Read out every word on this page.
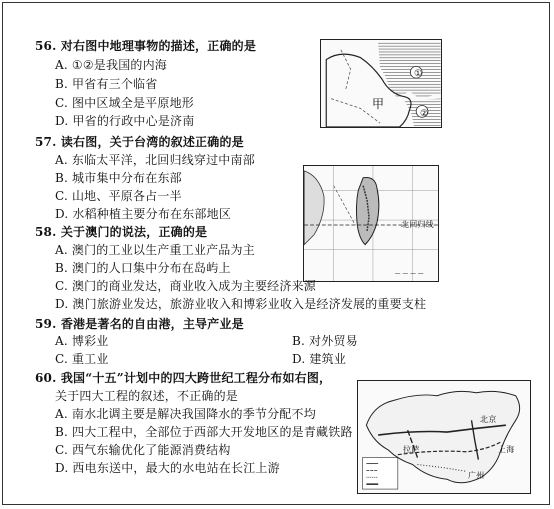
56. 对右图中地理事物的描述，正确的是
A. ①②是我国的内海
B. 甲省有三个临省
C. 图中区域全是平原地形
D. 甲省的行政中心是济南
甲
①
②
57. 读右图，关于台湾的叙述正确的是
A. 东临太平洋，北回归线穿过中南部
B. 城市集中分布在东部
C. 山地、平原各占一半
D. 水稻种植主要分布在东部地区
— — — —
北回归线
58. 关于澳门的说法，正确的是
A. 澳门的工业以生产重工业产品为主
B. 澳门的人口集中分布在岛屿上
C. 澳门的商业发达，商业收入成为主要经济来源
D. 澳门旅游业发达，旅游业收入和博彩业收入是经济发展的重要支柱
59. 香港是著名的自由港，主导产业是
A. 博彩业	B. 对外贸易
C. 重工业	D. 建筑业
60. 我国“十五”计划中的四大跨世纪工程分布如右图，
关于四大工程的叙述，不正确的是
A. 南水北调主要是解决我国降水的季节分配不均
B. 四大工程中，全部位于西部大开发地区的是青藏铁路
C. 西气东输优化了能源消费结构
D. 西电东送中，最大的水电站在长江上游
北京
上海
广州
拉萨
